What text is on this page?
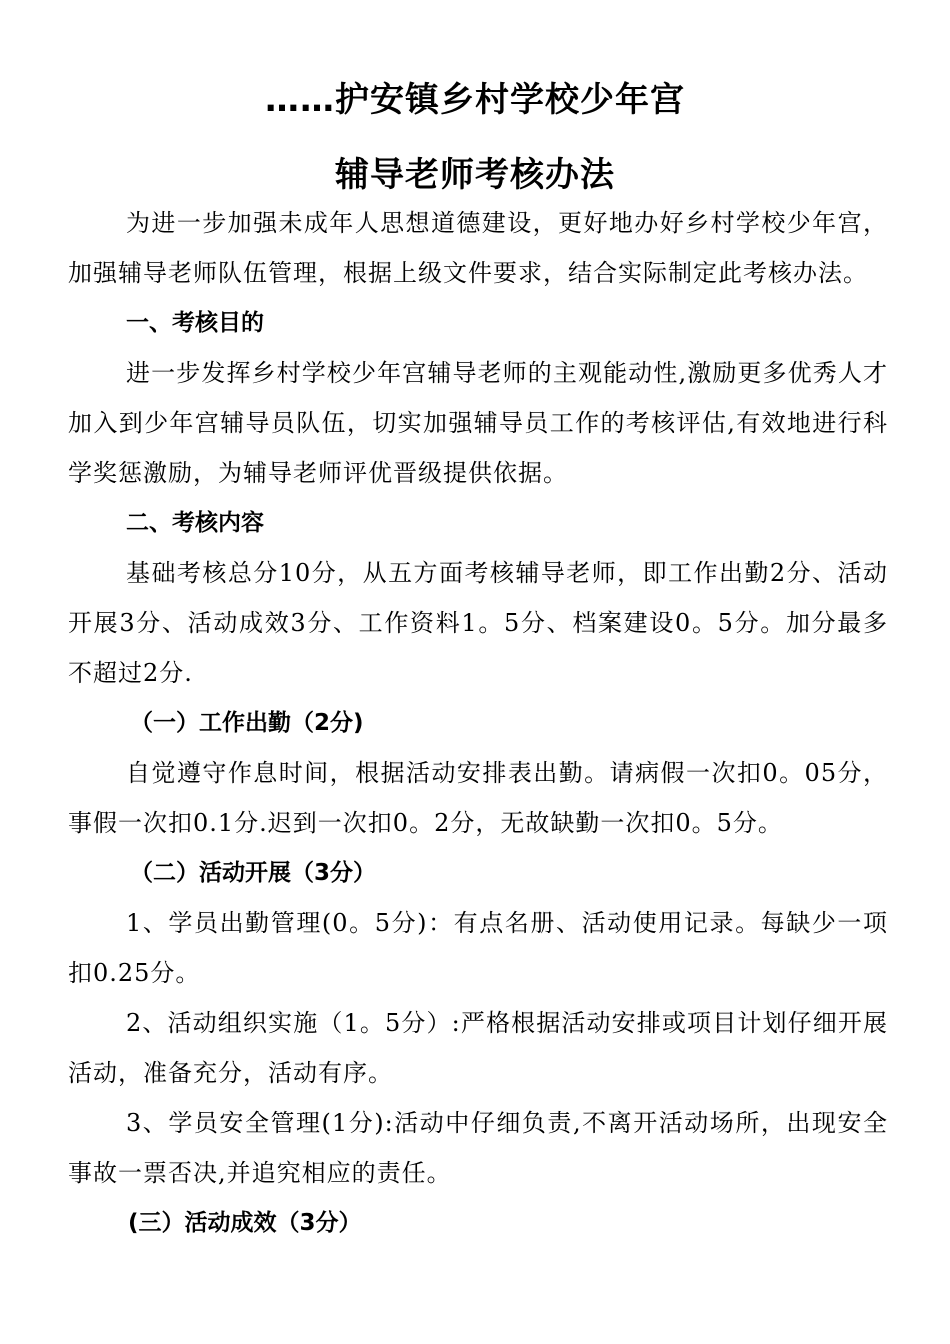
……护安镇乡村学校少年宫
辅导老师考核办法

为进一步加强未成年人思想道德建设，更好地办好乡村学校少年宫，加强辅导老师队伍管理，根据上级文件要求，结合实际制定此考核办法。

一、考核目的

进一步发挥乡村学校少年宫辅导老师的主观能动性,激励更多优秀人才加入到少年宫辅导员队伍，切实加强辅导员工作的考核评估,有效地进行科学奖惩激励，为辅导老师评优晋级提供依据。

二、考核内容

基础考核总分10分，从五方面考核辅导老师，即工作出勤2分、活动开展3分、活动成效3分、工作资料1。5分、档案建设0。5分。加分最多不超过2分.

（一）工作出勤（2分)

自觉遵守作息时间，根据活动安排表出勤。请病假一次扣0。05分，事假一次扣0.1分.迟到一次扣0。2分，无故缺勤一次扣0。5分。

（二）活动开展（3分）

1、学员出勤管理(0。5分)：有点名册、活动使用记录。每缺少一项扣0.25分。

2、活动组织实施（1。5分）:严格根据活动安排或项目计划仔细开展活动，准备充分，活动有序。

3、学员安全管理(1分):活动中仔细负责,不离开活动场所，出现安全事故一票否决,并追究相应的责任。

(三）活动成效（3分）
